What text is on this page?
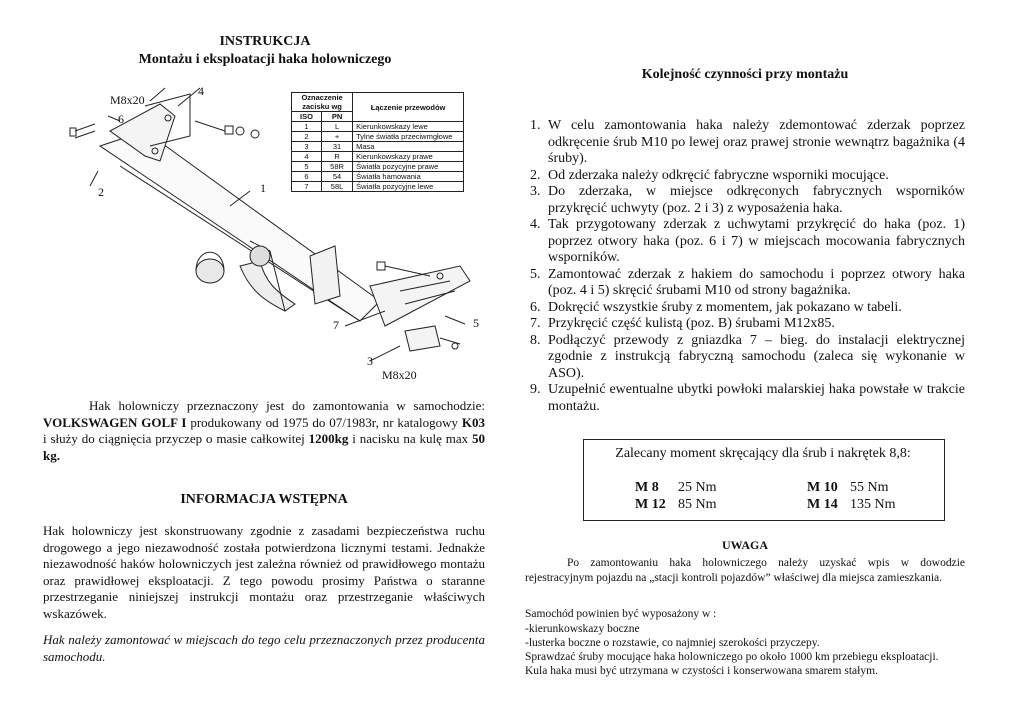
INSTRUKCJA
Montażu i eksploatacji haka holowniczego
M8x20
4
6
2	1
7	5
3
M8x20
Oznaczenie zacisku wg		Łączenie przewodów
ISO	PN	
1	L	Kierunkowskazy lewe
2	+	Tylne światła przeciwmgłowe
3	31	Masa
4	R	Kierunkowskazy prawe
5	58R	Światła pozycyjne prawe
6	54	Światła hamowania
7	58L	Światła pozycyjne lewe
Hak holowniczy przeznaczony jest do zamontowania w samochodzie: VOLKSWAGEN GOLF I produkowany od 1975 do 07/1983r, nr katalogowy K03 i służy do ciągnięcia przyczep o masie całkowitej 1200kg i nacisku na kulę max 50 kg.
INFORMACJA WSTĘPNA
Hak holowniczy jest skonstruowany zgodnie z zasadami bezpieczeństwa ruchu drogowego a jego niezawodność została potwierdzona licznymi testami. Jednakże niezawodność haków holowniczych jest zależna również od prawidłowego montażu oraz prawidłowej eksploatacji. Z tego powodu prosimy Państwa o staranne przestrzeganie niniejszej instrukcji montażu oraz przestrzeganie właściwych wskazówek.
Hak należy zamontować w miejscach do tego celu przeznaczonych przez producenta samochodu.
Kolejność czynności przy montażu
1. W celu zamontowania haka należy zdemontować zderzak poprzez odkręcenie śrub M10 po lewej oraz prawej stronie wewnątrz bagażnika (4 śruby).
2. Od zderzaka należy odkręcić fabryczne wsporniki mocujące.
3. Do zderzaka, w miejsce odkręconych fabrycznych wsporników przykręcić uchwyty (poz. 2 i 3) z wyposażenia haka.
4. Tak przygotowany zderzak z uchwytami przykręcić do haka (poz. 1) poprzez otwory haka (poz. 6 i 7) w miejscach mocowania fabrycznych wsporników.
5. Zamontować zderzak z hakiem do samochodu i poprzez otwory haka (poz. 4 i 5) skręcić śrubami M10 od strony bagażnika.
6. Dokręcić wszystkie śruby z momentem, jak pokazano w tabeli.
7. Przykręcić część kulistą (poz. B) śrubami M12x85.
8. Podłączyć przewody z gniazdka 7 – bieg. do instalacji elektrycznej zgodnie z instrukcją fabryczną samochodu (zaleca się wykonanie w ASO).
9. Uzupełnić ewentualne ubytki powłoki malarskiej haka powstałe w trakcie montażu.
Zalecany moment skręcający dla śrub i nakrętek 8,8:
M 8 25 Nm	M 10 55 Nm
M 12 85 Nm	M 14 135 Nm
UWAGA
Po zamontowaniu haka holowniczego należy uzyskać wpis w dowodzie rejestracyjnym pojazdu na „stacji kontroli pojazdów” właściwej dla miejsca zamieszkania.
Samochód powinien być wyposażony w :
-kierunkowskazy boczne
-lusterka boczne o rozstawie, co najmniej szerokości przyczepy.
Sprawdzać śruby mocujące haka holowniczego po około 1000 km przebiegu eksploatacji.
Kula haka musi być utrzymana w czystości i konserwowana smarem stałym.
